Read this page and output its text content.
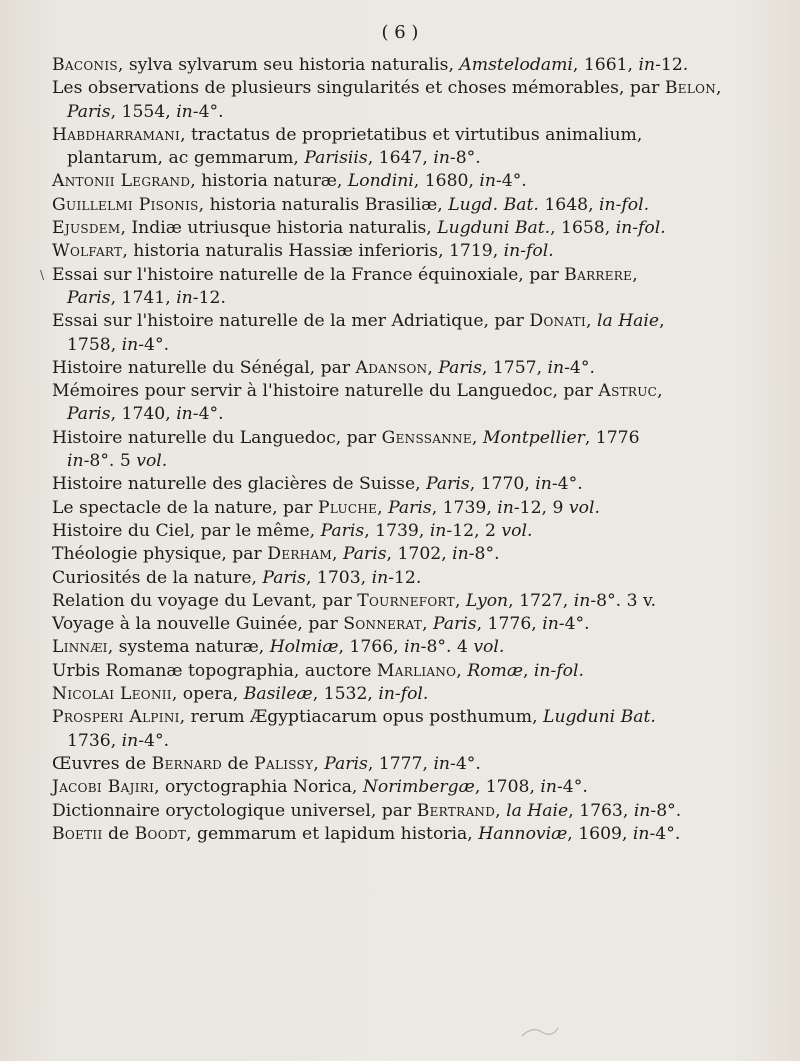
( 6 )
Baconis, sylva sylvarum seu historia naturalis, Amstelodami, 1661, in-12.
Les observations de plusieurs singularités et choses mémorables, par Belon,
Paris, 1554, in-4°.
Habdharramani, tractatus de proprietatibus et virtutibus animalium,
plantarum, ac gemmarum, Parisiis, 1647, in-8°.
Antonii Legrand, historia naturæ, Londini, 1680, in-4°.
Guillelmi Pisonis, historia naturalis Brasiliæ, Lugd. Bat. 1648, in-fol.
Ejusdem, Indiæ utriusque historia naturalis, Lugduni Bat., 1658, in-fol.
Wolfart, historia naturalis Hassiæ inferioris, 1719, in-fol.
\ Essai sur l'histoire naturelle de la France équinoxiale, par Barrere,
Paris, 1741, in-12.
Essai sur l'histoire naturelle de la mer Adriatique, par Donati, la Haie,
1758, in-4°.
Histoire naturelle du Sénégal, par Adanson, Paris, 1757, in-4°.
Mémoires pour servir à l'histoire naturelle du Languedoc, par Astruc,
Paris, 1740, in-4°.
Histoire naturelle du Languedoc, par Genssanne, Montpellier, 1776
in-8°. 5 vol.
Histoire naturelle des glacières de Suisse, Paris, 1770, in-4°.
Le spectacle de la nature, par Pluche, Paris, 1739, in-12, 9 vol.
Histoire du Ciel, par le même, Paris, 1739, in-12, 2 vol.
Théologie physique, par Derham, Paris, 1702, in-8°.
Curiosités de la nature, Paris, 1703, in-12.
Relation du voyage du Levant, par Tournefort, Lyon, 1727, in-8°. 3 v.
Voyage à la nouvelle Guinée, par Sonnerat, Paris, 1776, in-4°.
Linnæi, systema naturæ, Holmiæ, 1766, in-8°. 4 vol.
Urbis Romanæ topographia, auctore Marliano, Romæ, in-fol.
Nicolai Leonii, opera, Basileæ, 1532, in-fol.
Prosperi Alpini, rerum Ægyptiacarum opus posthumum, Lugduni Bat.
1736, in-4°.
Œuvres de Bernard de Palissy, Paris, 1777, in-4°.
Jacobi Bajiri, oryctographia Norica, Norimbergæ, 1708, in-4°.
Dictionnaire oryctologique universel, par Bertrand, la Haie, 1763, in-8°.
Boetii de Boodt, gemmarum et lapidum historia, Hannoviæ, 1609, in-4°.
